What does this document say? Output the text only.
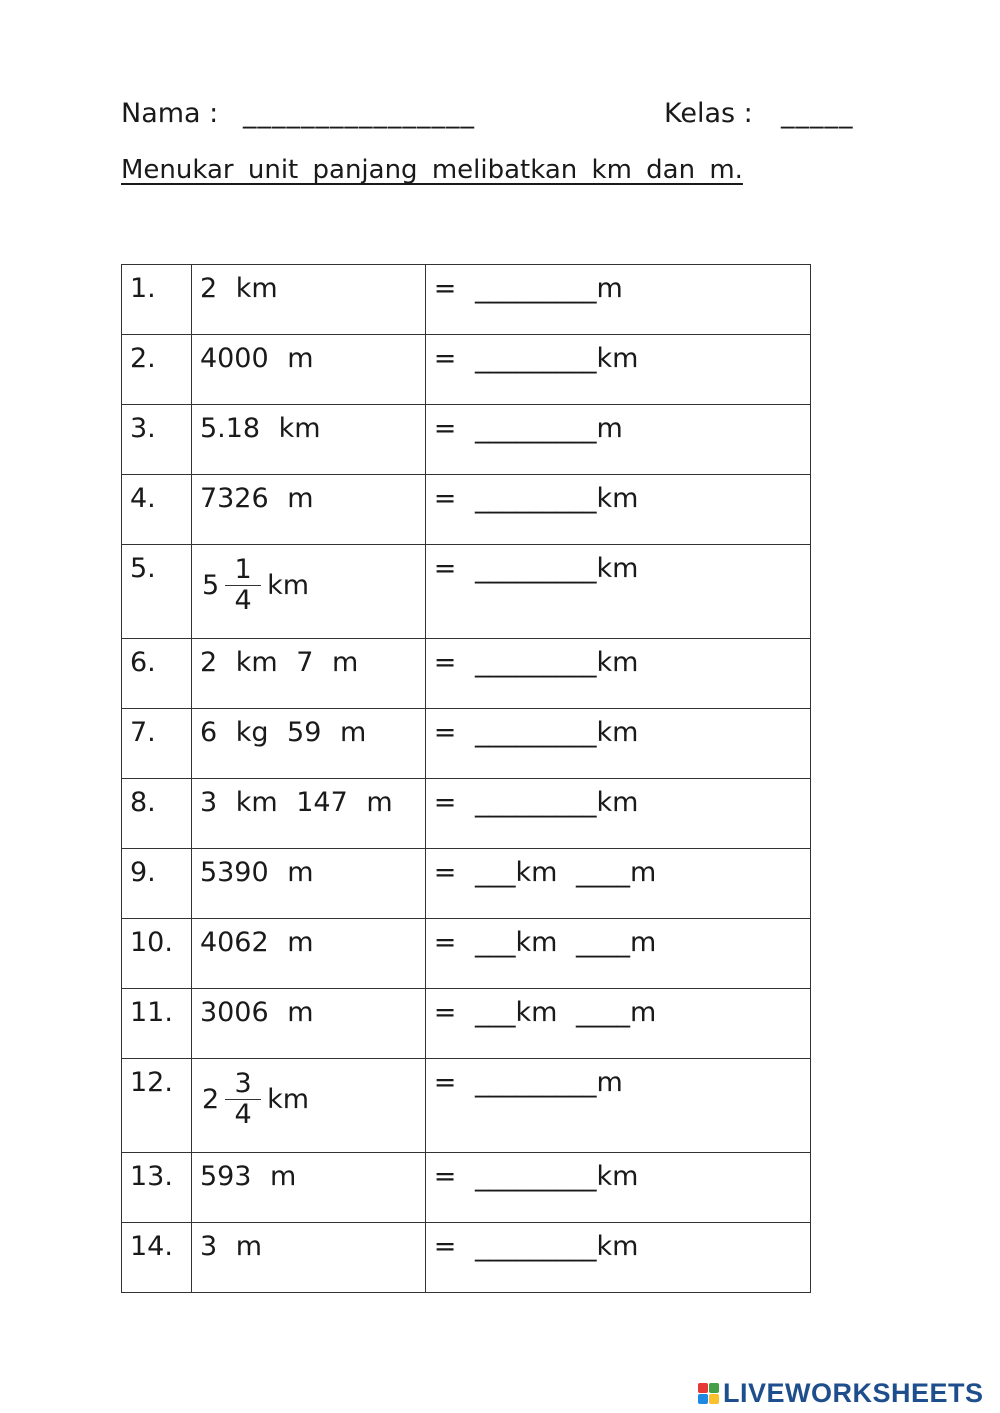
Nama : ________________	Kelas : _____
Menukar unit panjang melibatkan km dan m.
1.	2 km	= _________m
2.	4000 m	= _________km
3.	5.18 km	= _________m
4.	7326 m	= _________km
5.	$5 \frac{1}{4}$ km	= _________km
6.	2 km 7 m	= _________km
7.	6 kg 59 m	= _________km
8.	3 km 147 m	= _________km
9.	5390 m	= ___km ____m
10.	4062 m	= ___km ____m
11.	3006 m	= ___km ____m
12.	$2 \frac{3}{4}$ km	= _________m
13.	593 m	= _________km
14.	3 m	= _________km
LIVEWORKSHEETS
